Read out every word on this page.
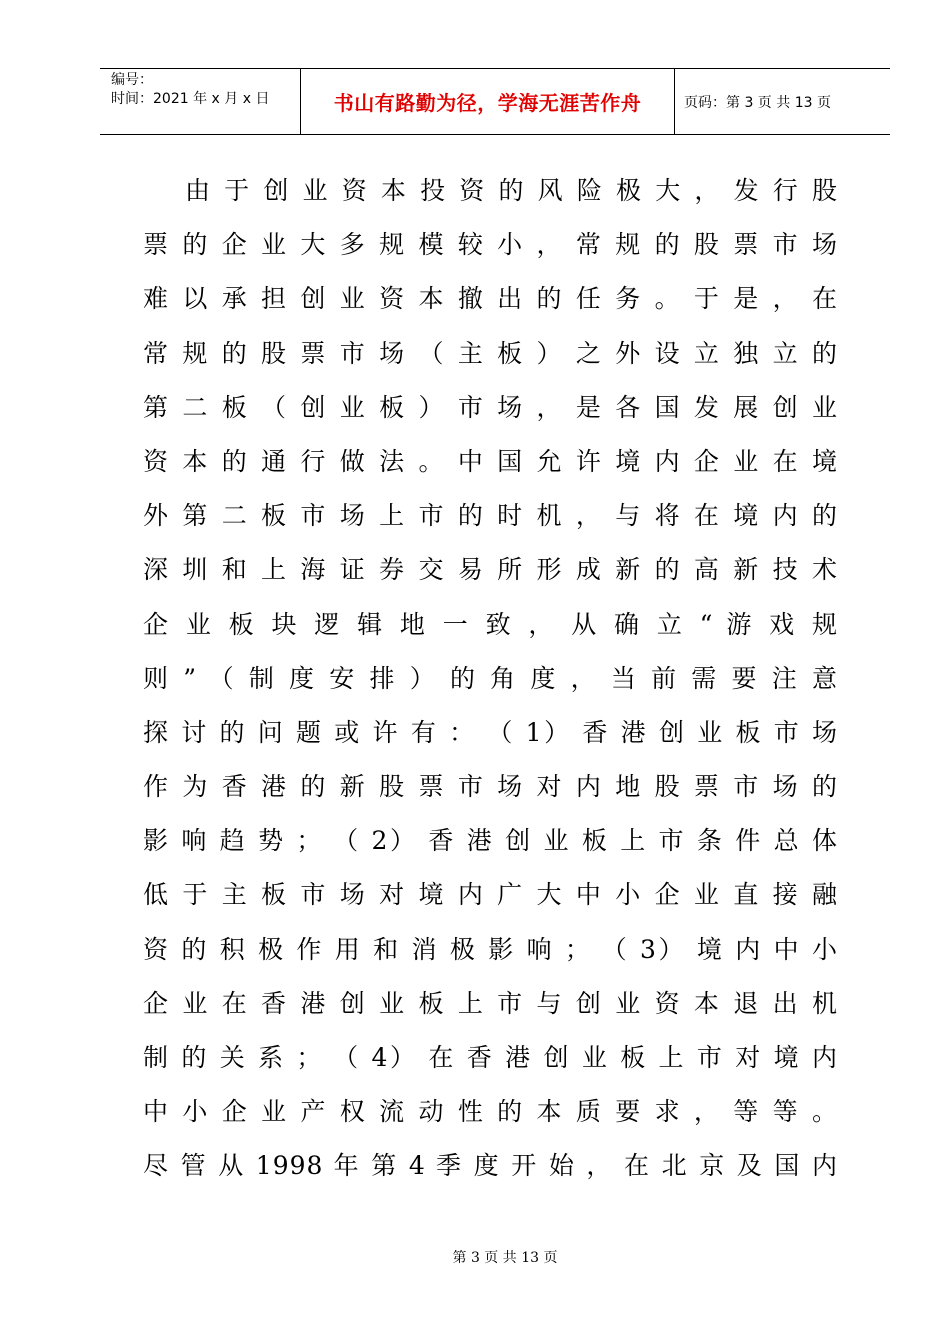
编号：
时间：2021 年 x 月 x 日	书山有路勤为径，学海无涯苦作舟	页码：第 3 页 共 13 页
由 于 创 业 资 本 投 资 的 风 险 极 大 ， 发 行 股
票 的 企 业 大 多 规 模 较 小 ， 常 规 的 股 票 市 场
难 以 承 担 创 业 资 本 撤 出 的 任 务 。 于 是 ， 在
常 规 的 股 票 市 场 （ 主 板 ） 之 外 设 立 独 立 的
第 二 板 （ 创 业 板 ） 市 场 ， 是 各 国 发 展 创 业
资 本 的 通 行 做 法 。 中 国 允 许 境 内 企 业 在 境
外 第 二 板 市 场 上 市 的 时 机 ， 与 将 在 境 内 的
深 圳 和 上 海 证 券 交 易 所 形 成 新 的 高 新 技 术
企 业 板 块 逻 辑 地 一 致 ， 从 确 立 “ 游 戏 规
则 ” （ 制 度 安 排 ） 的 角 度 ， 当 前 需 要 注 意
探 讨 的 问 题 或 许 有 ： （ 1） 香 港 创 业 板 市 场
作 为 香 港 的 新 股 票 市 场 对 内 地 股 票 市 场 的
影 响 趋 势 ； （ 2） 香 港 创 业 板 上 市 条 件 总 体
低 于 主 板 市 场 对 境 内 广 大 中 小 企 业 直 接 融
资 的 积 极 作 用 和 消 极 影 响 ； （ 3） 境 内 中 小
企 业 在 香 港 创 业 板 上 市 与 创 业 资 本 退 出 机
制 的 关 系 ； （ 4） 在 香 港 创 业 板 上 市 对 境 内
中 小 企 业 产 权 流 动 性 的 本 质 要 求 ， 等 等 。
尽 管 从 1998 年 第 4 季 度 开 始 ， 在 北 京 及 国 内
第 3 页 共 13 页
